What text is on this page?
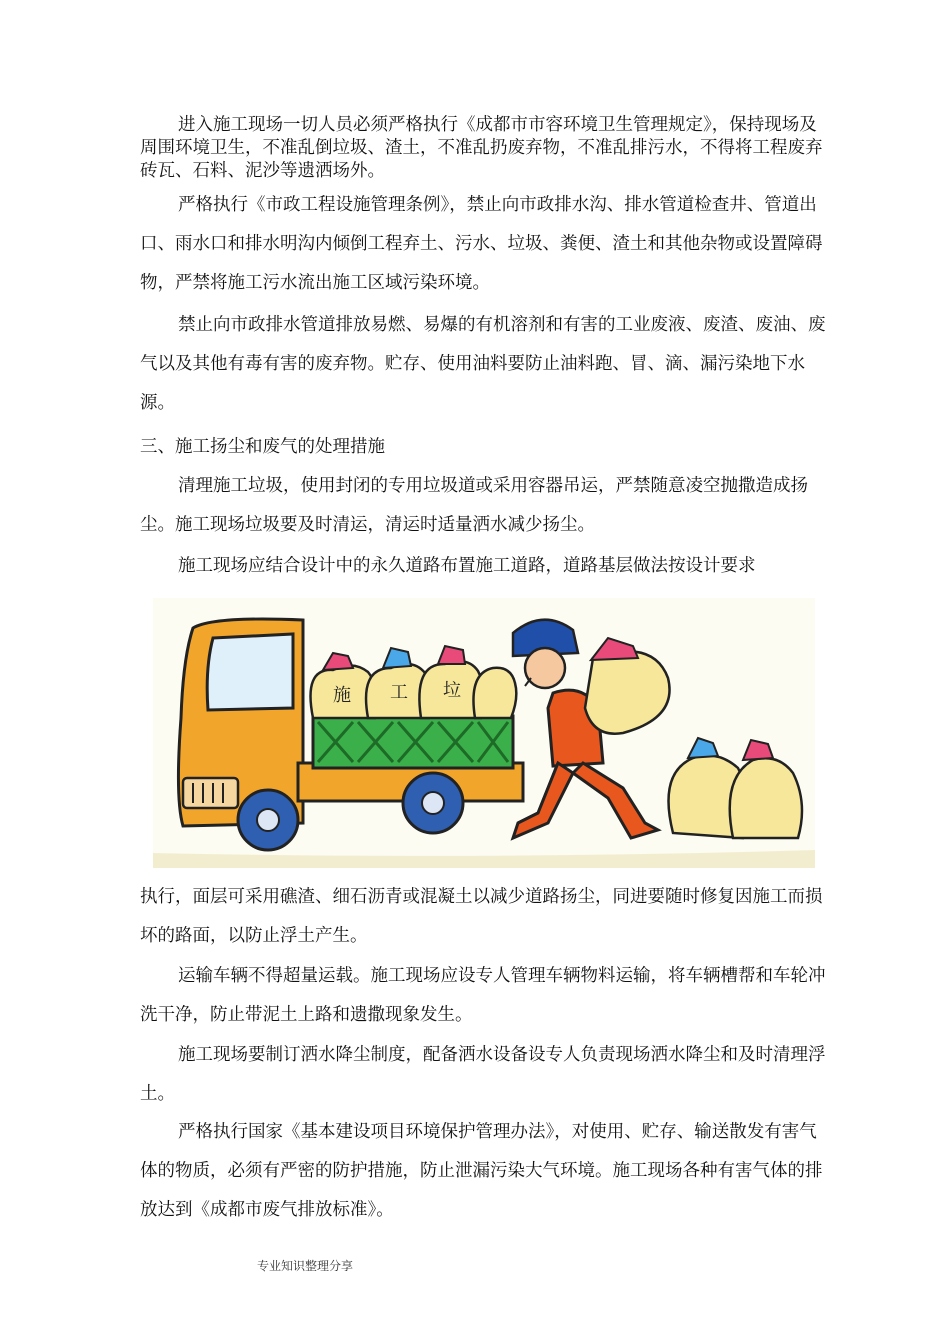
进入施工现场一切人员必须严格执行《成都市市容环境卫生管理规定》，保持现场及周围环境卫生，不准乱倒垃圾、渣土，不准乱扔废弃物，不准乱排污水，不得将工程废弃砖瓦、石料、泥沙等遗洒场外。

严格执行《市政工程设施管理条例》，禁止向市政排水沟、排水管道检查井、管道出口、雨水口和排水明沟内倾倒工程弃土、污水、垃圾、粪便、渣土和其他杂物或设置障碍物，严禁将施工污水流出施工区域污染环境。

禁止向市政排水管道排放易燃、易爆的有机溶剂和有害的工业废液、废渣、废油、废气以及其他有毒有害的废弃物。贮存、使用油料要防止油料跑、冒、滴、漏污染地下水源。

三、施工扬尘和废气的处理措施

清理施工垃圾，使用封闭的专用垃圾道或采用容器吊运，严禁随意凌空抛撒造成扬尘。施工现场垃圾要及时清运，清运时适量洒水减少扬尘。

施工现场应结合设计中的永久道路布置施工道路，道路基层做法按设计要求

施 工 垃

执行，面层可采用礁渣、细石沥青或混凝土以减少道路扬尘，同进要随时修复因施工而损坏的路面，以防止浮土产生。

运输车辆不得超量运载。施工现场应设专人管理车辆物料运输，将车辆槽帮和车轮冲洗干净，防止带泥土上路和遗撒现象发生。

施工现场要制订洒水降尘制度，配备洒水设备设专人负责现场洒水降尘和及时清理浮土。

严格执行国家《基本建设项目环境保护管理办法》，对使用、贮存、输送散发有害气体的物质，必须有严密的防护措施，防止泄漏污染大气环境。施工现场各种有害气体的排放达到《成都市废气排放标准》。

专业知识整理分享
